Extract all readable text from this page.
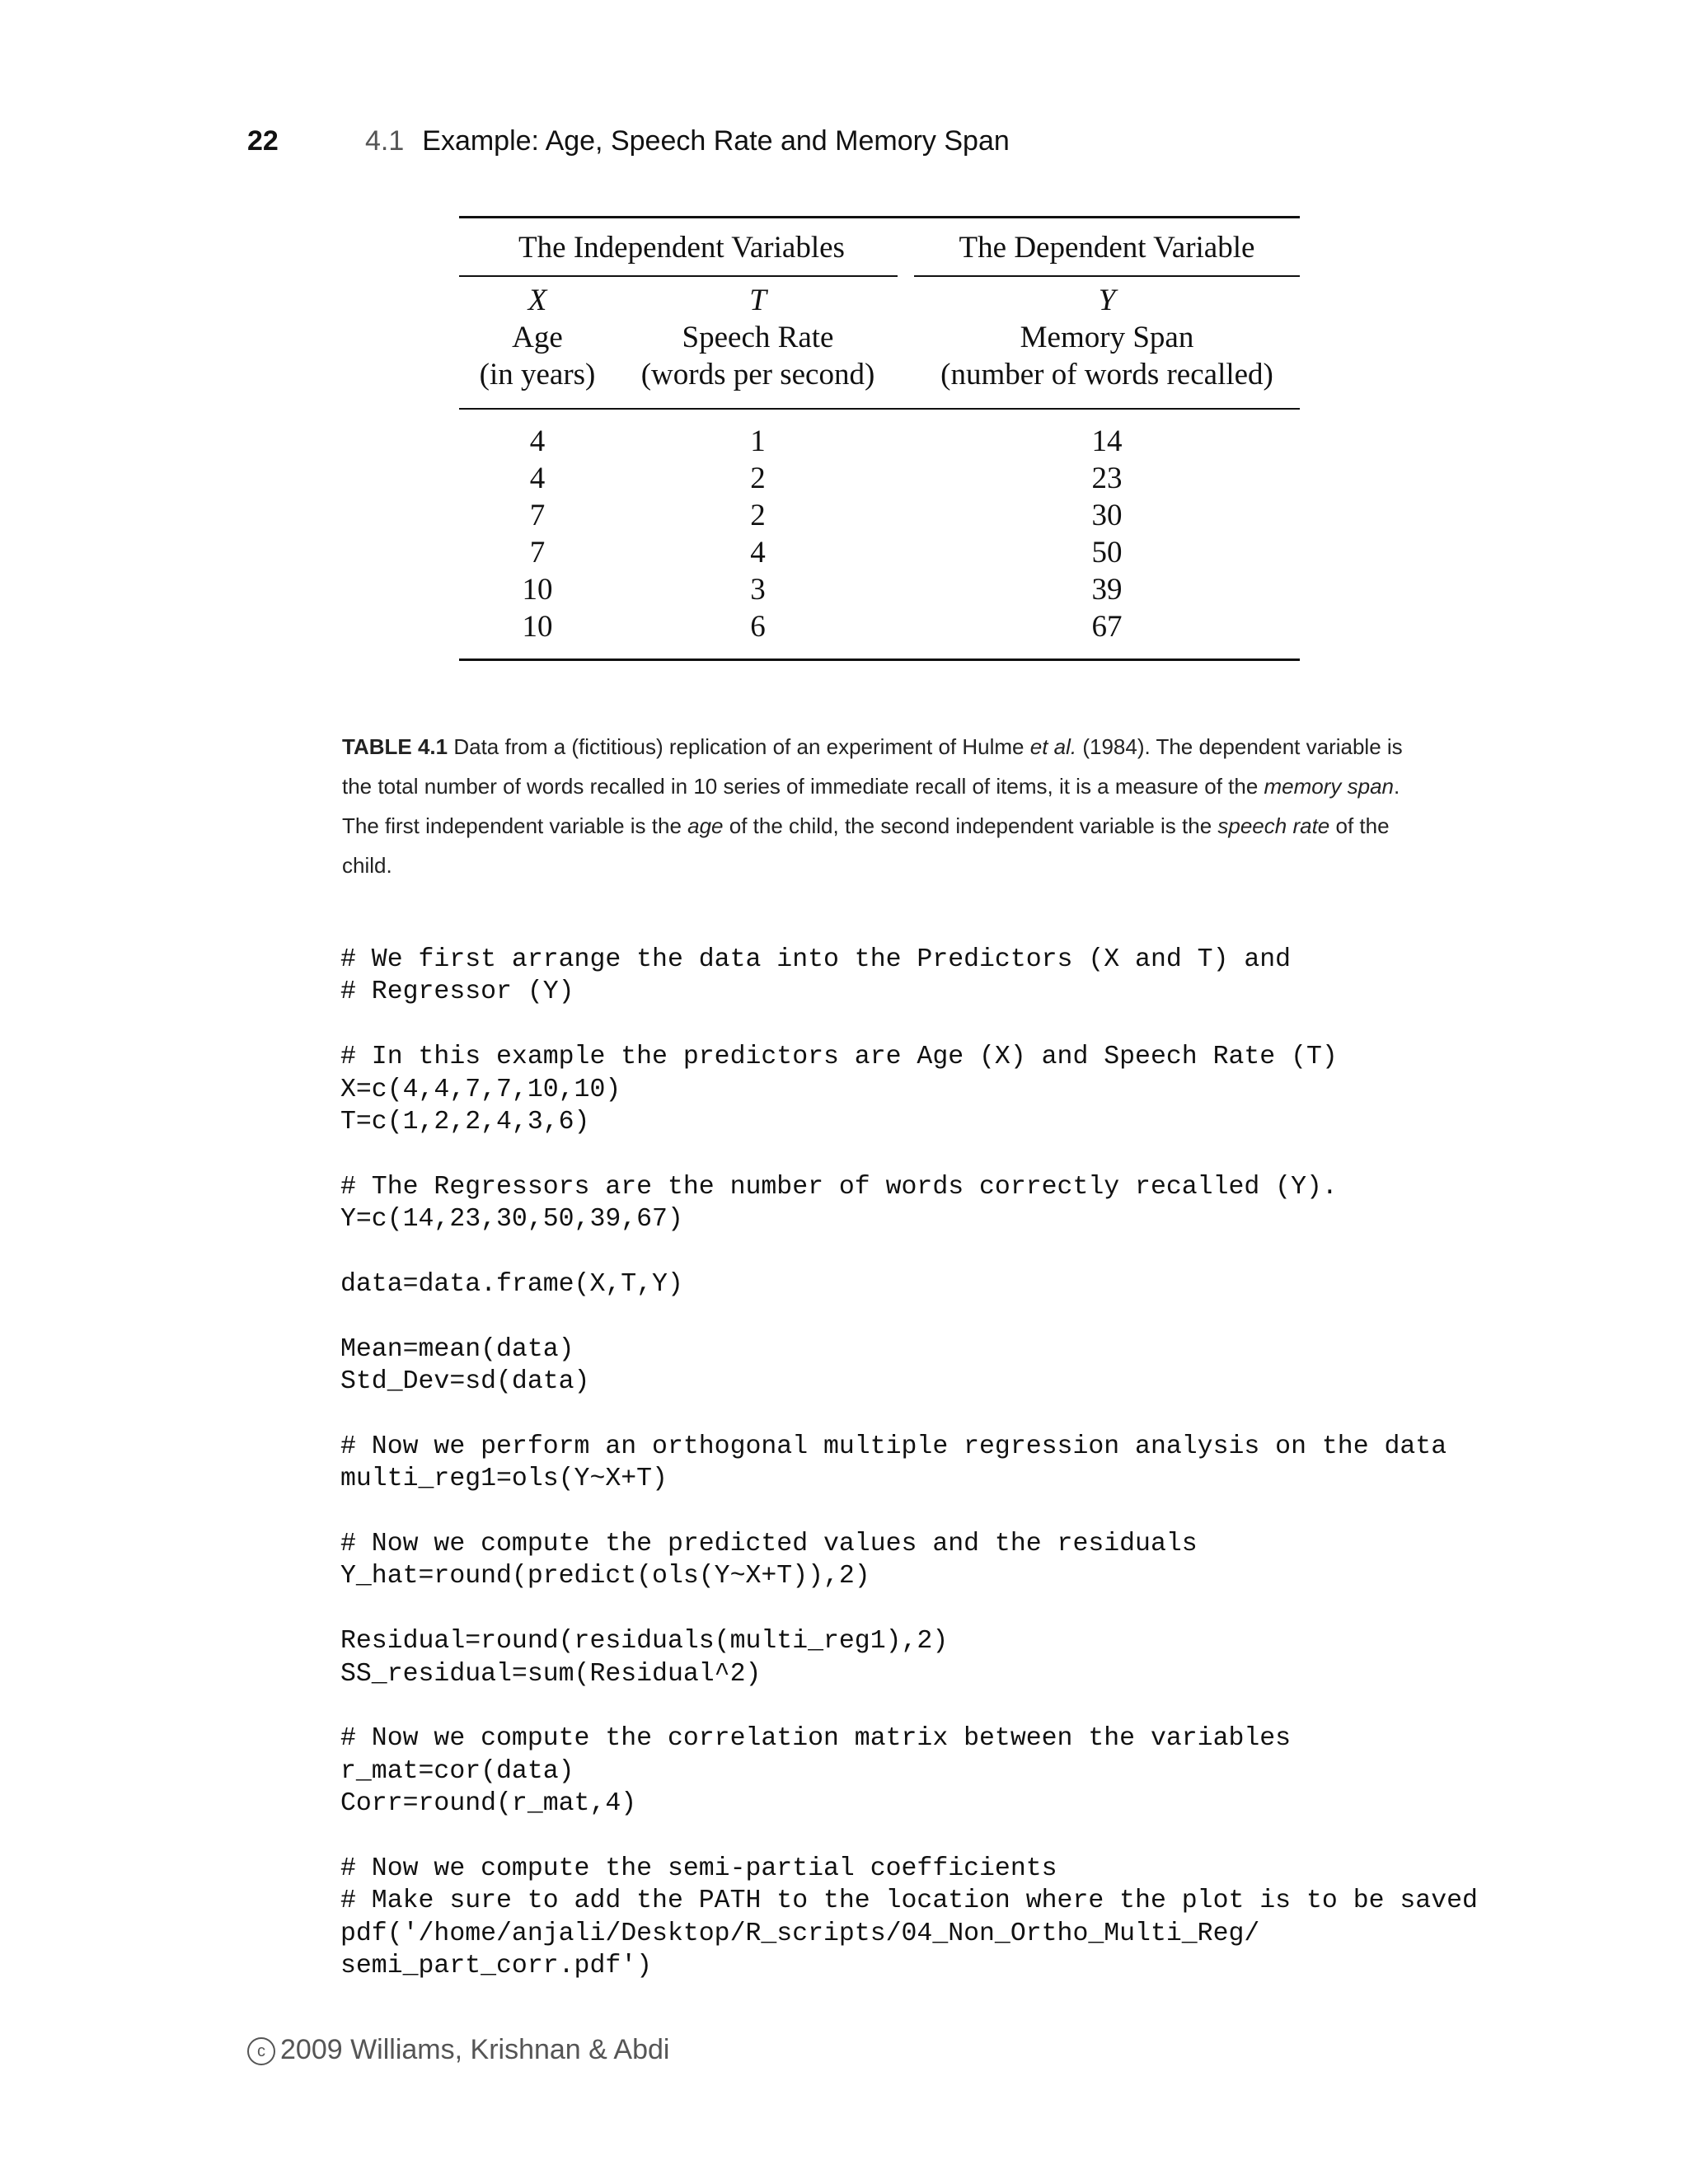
22	4.1 Example: Age, Speech Rate and Memory Span
The Independent Variables	The Dependent Variable
X	T	Y
Age	Speech Rate	Memory Span
(in years)	(words per second)	(number of words recalled)
4	1	14
4	2	23
7	2	30
7	4	50
10	3	39
10	6	67
TABLE 4.1 Data from a (fictitious) replication of an experiment of Hulme et al. (1984). The dependent variable is the total number of words recalled in 10 series of immediate recall of items, it is a measure of the memory span. The first independent variable is the age of the child, the second independent variable is the speech rate of the child.
# We first arrange the data into the Predictors (X and T) and
# Regressor (Y)
# In this example the predictors are Age (X) and Speech Rate (T)
X=c(4,4,7,7,10,10)
T=c(1,2,2,4,3,6)
# The Regressors are the number of words correctly recalled (Y).
Y=c(14,23,30,50,39,67)
data=data.frame(X,T,Y)
Mean=mean(data)
Std_Dev=sd(data)
# Now we perform an orthogonal multiple regression analysis on the data
multi_reg1=ols(Y~X+T)
# Now we compute the predicted values and the residuals
Y_hat=round(predict(ols(Y~X+T)),2)
Residual=round(residuals(multi_reg1),2)
SS_residual=sum(Residual^2)
# Now we compute the correlation matrix between the variables
r_mat=cor(data)
Corr=round(r_mat,4)
# Now we compute the semi-partial coefficients
# Make sure to add the PATH to the location where the plot is to be saved
pdf('/home/anjali/Desktop/R_scripts/04_Non_Ortho_Multi_Reg/
semi_part_corr.pdf')
c 2009 Williams, Krishnan & Abdi
